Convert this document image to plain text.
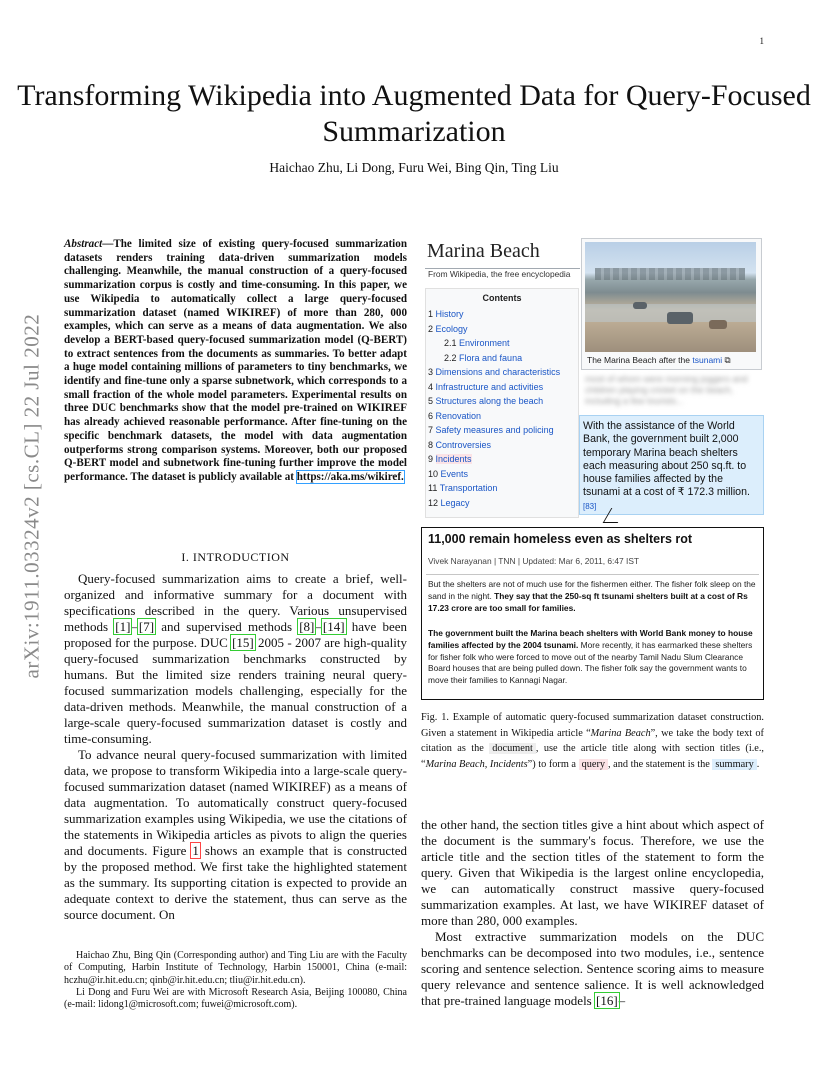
1
Transforming Wikipedia into Augmented Data for Query-Focused Summarization
Haichao Zhu, Li Dong, Furu Wei, Bing Qin, Ting Liu
arXiv:1911.03324v2 [cs.CL] 22 Jul 2022
Abstract—The limited size of existing query-focused summarization datasets renders training data-driven summarization models challenging. Meanwhile, the manual construction of a query-focused summarization corpus is costly and time-consuming. In this paper, we use Wikipedia to automatically collect a large query-focused summarization dataset (named WIKIREF) of more than 280, 000 examples, which can serve as a means of data augmentation. We also develop a BERT-based query-focused summarization model (Q-BERT) to extract sentences from the documents as summaries. To better adapt a huge model containing millions of parameters to tiny benchmarks, we identify and fine-tune only a sparse subnetwork, which corresponds to a small fraction of the whole model parameters. Experimental results on three DUC benchmarks show that the model pre-trained on WIKIREF has already achieved reasonable performance. After fine-tuning on the specific benchmark datasets, the model with data augmentation outperforms strong comparison systems. Moreover, both our proposed Q-BERT model and subnetwork fine-tuning further improve the model performance. The dataset is publicly available at https://aka.ms/wikiref.
I. INTRODUCTION

Query-focused summarization aims to create a brief, well-organized and informative summary for a document with specifications described in the query. Various unsupervised methods [1]–[7] and supervised methods [8]–[14] have been proposed for the purpose. DUC [15] 2005 - 2007 are high-quality query-focused summarization benchmarks constructed by humans. But the limited size renders training neural query-focused summarization models challenging, especially for the data-driven methods. Meanwhile, the manual construction of a large-scale query-focused summarization dataset is costly and time-consuming.

To advance neural query-focused summarization with limited data, we propose to transform Wikipedia into a large-scale query-focused summarization dataset (named WIKIREF) as a means of data augmentation. To automatically construct query-focused summarization examples using Wikipedia, we use the citations of the statements in Wikipedia articles as pivots to align the queries and documents. Figure 1 shows an example that is constructed by the proposed method. We first take the highlighted statement as the summary. Its supporting citation is expected to provide an adequate context to derive the statement, thus can serve as the source document. On

Haichao Zhu, Bing Qin (Corresponding author) and Ting Liu are with the Faculty of Computing, Harbin Institute of Technology, Harbin 150001, China (e-mail: hczhu@ir.hit.edu.cn; qinb@ir.hit.edu.cn; tliu@ir.hit.edu.cn).

Li Dong and Furu Wei are with Microsoft Research Asia, Beijing 100080, China (e-mail: lidong1@microsoft.com; fuwei@microsoft.com).

Marina Beach
From Wikipedia, the free encyclopedia
Contents
1 History
2 Ecology
2.1 Environment
2.2 Flora and fauna
3 Dimensions and characteristics
4 Infrastructure and activities
5 Structures along the beach
6 Renovation
7 Safety measures and policing
8 Controversies
9 Incidents
10 Events
11 Transportation
12 Legacy
The Marina Beach after the tsunami ⧉
most of whom were morning joggers and children playing cricket on the beach, including a few tourists...
With the assistance of the World Bank, the government built 2,000 temporary Marina beach shelters each measuring about 250 sq.ft. to house families affected by the tsunami at a cost of ₹ 172.3 million.[83]
11,000 remain homeless even as shelters rot
Vivek Narayanan | TNN | Updated: Mar 6, 2011, 6:47 IST
But the shelters are not of much use for the fishermen either. The fisher folk sleep on the sand in the night. They say that the 250-sq ft tsunami shelters built at a cost of Rs 17.23 crore are too small for families.
The government built the Marina beach shelters with World Bank money to house families affected by the 2004 tsunami. More recently, it has earmarked these shelters for fisher folk who were forced to move out of the nearby Tamil Nadu Slum Clearance Board houses that are being pulled down. The fisher folk say the government wants to move their families to Kannagi Nagar.
Fig. 1. Example of automatic query-focused summarization dataset construction. Given a statement in Wikipedia article “Marina Beach”, we take the body text of citation as the document , use the article title along with section titles (i.e., “Marina Beach, Incidents”) to form a query , and the statement is the summary .

the other hand, the section titles give a hint about which aspect of the document is the summary's focus. Therefore, we use the article title and the section titles of the statement to form the query. Given that Wikipedia is the largest online encyclopedia, we can automatically construct massive query-focused summarization examples. At last, we have WIKIREF dataset of more than 280, 000 examples.

Most extractive summarization models on the DUC benchmarks can be decomposed into two modules, i.e., sentence scoring and sentence selection. Sentence scoring aims to measure query relevance and sentence salience. It is well acknowledged that pre-trained language models [16]–
